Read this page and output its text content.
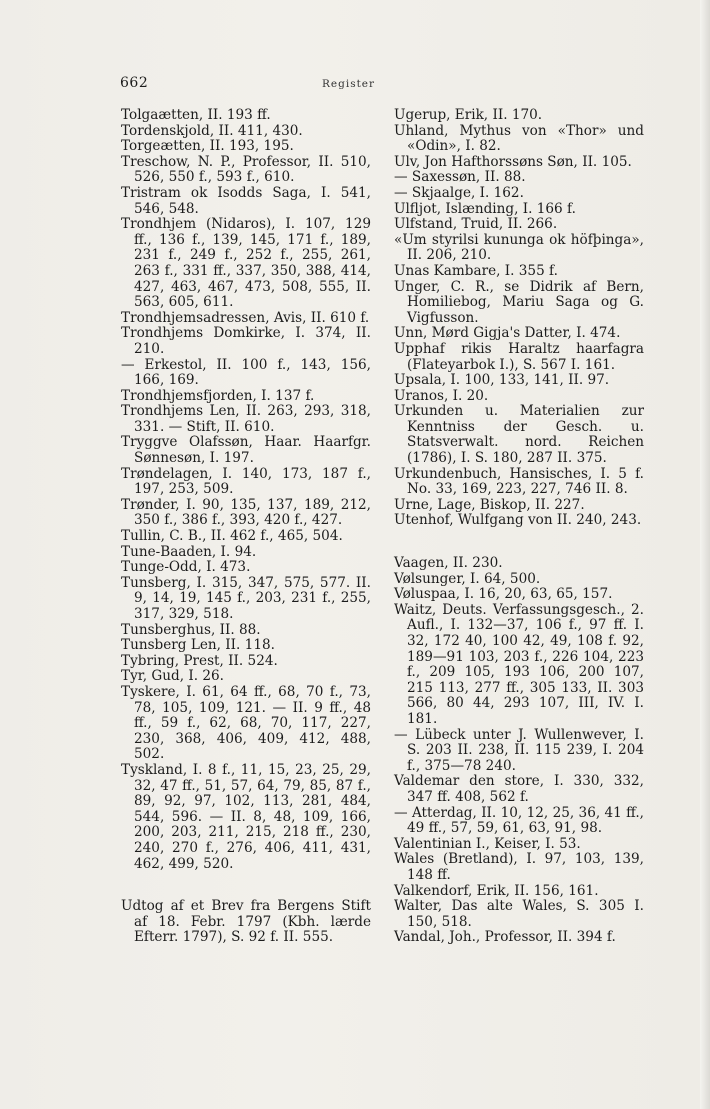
662	Register
Tolgaætten, II. 193 ff.
Tordenskjold, II. 411, 430.
Torgeætten, II. 193, 195.
Treschow, N. P., Professor, II. 510, 526, 550 f., 593 f., 610.
Tristram ok Isodds Saga, I. 541, 546, 548.
Trondhjem (Nidaros), I. 107, 129 ff., 136 f., 139, 145, 171 f., 189, 231 f., 249 f., 252 f., 255, 261, 263 f., 331 ff., 337, 350, 388, 414, 427, 463, 467, 473, 508, 555, II. 563, 605, 611.
Trondhjemsadressen, Avis, II. 610 f.
Trondhjems Domkirke, I. 374, II. 210.
— Erkestol, II. 100 f., 143, 156, 166, 169.
Trondhjemsfjorden, I. 137 f.
Trondhjems Len, II. 263, 293, 318, 331. — Stift, II. 610.
Tryggve Olafssøn, Haar. Haarfgr. Sønnesøn, I. 197.
Trøndelagen, I. 140, 173, 187 f., 197, 253, 509.
Trønder, I. 90, 135, 137, 189, 212, 350 f., 386 f., 393, 420 f., 427.
Tullin, C. B., II. 462 f., 465, 504.
Tune-Baaden, I. 94.
Tunge-Odd, I. 473.
Tunsberg, I. 315, 347, 575, 577. II. 9, 14, 19, 145 f., 203, 231 f., 255, 317, 329, 518.
Tunsberghus, II. 88.
Tunsberg Len, II. 118.
Tybring, Prest, II. 524.
Tyr, Gud, I. 26.
Tyskere, I. 61, 64 ff., 68, 70 f., 73, 78, 105, 109, 121. — II. 9 ff., 48 ff., 59 f., 62, 68, 70, 117, 227, 230, 368, 406, 409, 412, 488, 502.
Tyskland, I. 8 f., 11, 15, 23, 25, 29, 32, 47 ff., 51, 57, 64, 79, 85, 87 f., 89, 92, 97, 102, 113, 281, 484, 544, 596. — II. 8, 48, 109, 166, 200, 203, 211, 215, 218 ff., 230, 240, 270 f., 276, 406, 411, 431, 462, 499, 520.
Udtog af et Brev fra Bergens Stift af 18. Febr. 1797 (Kbh. lærde Efterr. 1797), S. 92 f. II. 555.
Ugerup, Erik, II. 170.
Uhland, Mythus von «Thor» und «Odin», I. 82.
Ulv, Jon Hafthorssøns Søn, II. 105.
— Saxessøn, II. 88.
— Skjaalge, I. 162.
Ulfljot, Islænding, I. 166 f.
Ulfstand, Truid, II. 266.
«Um styrilsi kununga ok höfþinga», II. 206, 210.
Unas Kambare, I. 355 f.
Unger, C. R., se Didrik af Bern, Homiliebog, Mariu Saga og G. Vigfusson.
Unn, Mørd Gigja's Datter, I. 474.
Upphaf rikis Haraltz haarfagra (Flateyarbok I.), S. 567 I. 161.
Upsala, I. 100, 133, 141, II. 97.
Uranos, I. 20.
Urkunden u. Materialien zur Kenntniss der Gesch. u. Statsverwalt. nord. Reichen (1786), I. S. 180, 287 II. 375.
Urkundenbuch, Hansisches, I. 5 f. No. 33, 169, 223, 227, 746 II. 8.
Urne, Lage, Biskop, II. 227.
Utenhof, Wulfgang von II. 240, 243.
Vaagen, II. 230.
Vølsunger, I. 64, 500.
Vøluspaa, I. 16, 20, 63, 65, 157.
Waitz, Deuts. Verfassungsgesch., 2. Aufl., I. 132—37, 106 f., 97 ff. I. 32, 172 40, 100 42, 49, 108 f. 92, 189—91 103, 203 f., 226 104, 223 f., 209 105, 193 106, 200 107, 215 113, 277 ff., 305 133, II. 303 566, 80 44, 293 107, III, IV. I. 181.
— Lübeck unter J. Wullenwever, I. S. 203 II. 238, II. 115 239, I. 204 f., 375—78 240.
Valdemar den store, I. 330, 332, 347 ff. 408, 562 f.
— Atterdag, II. 10, 12, 25, 36, 41 ff., 49 ff., 57, 59, 61, 63, 91, 98.
Valentinian I., Keiser, I. 53.
Wales (Bretland), I. 97, 103, 139, 148 ff.
Valkendorf, Erik, II. 156, 161.
Walter, Das alte Wales, S. 305 I. 150, 518.
Vandal, Joh., Professor, II. 394 f.
